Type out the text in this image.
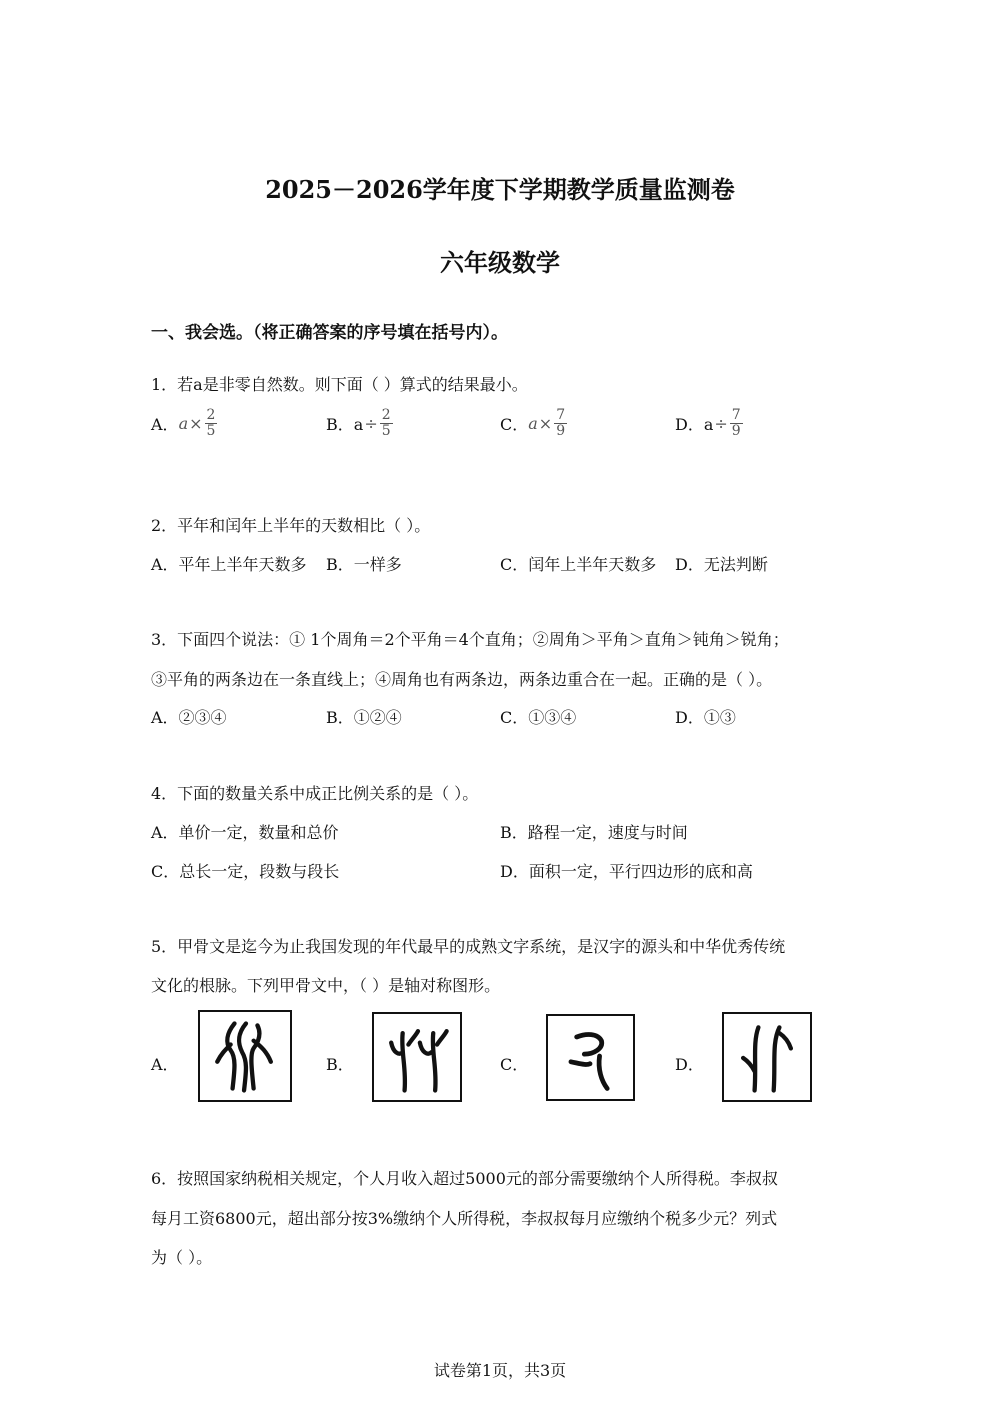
2025－2026学年度下学期教学质量监测卷
六年级数学
一、我会选。（将正确答案的序号填在括号内）。
1．若a是非零自然数。则下面（ ）算式的结果最小。
A． $a \times \frac{2}{5}$	B．$a \div \frac{2}{5}$	C． $a \times \frac{7}{9}$	D．$a \div \frac{7}{9}$
2．平年和闰年上半年的天数相比（ ）。
A．平年上半年天数多 B．一样多	C．闰年上半年天数多 D．无法判断
3．下面四个说法：① 1个周角＝2个平角＝4个直角；②周角＞平角＞直角＞钝角＞锐角；
③平角的两条边在一条直线上；④周角也有两条边，两条边重合在一起。正确的是（ ）。
A．②③④	B．①②④	C．①③④	D．①③
4．下面的数量关系中成正比例关系的是（ ）。
A．单价一定，数量和总价	B．路程一定，速度与时间
C．总长一定，段数与段长	D．面积一定，平行四边形的底和高
5．甲骨文是迄今为止我国发现的年代最早的成熟文字系统，是汉字的源头和中华优秀传统
文化的根脉。下列甲骨文中，（ ）是轴对称图形。
A．	B．	C．	D．
6．按照国家纳税相关规定，个人月收入超过5000元的部分需要缴纳个人所得税。李叔叔
每月工资6800元，超出部分按3%缴纳个人所得税，李叔叔每月应缴纳个税多少元？列式
为（ ）。
试卷第1页，共3页
